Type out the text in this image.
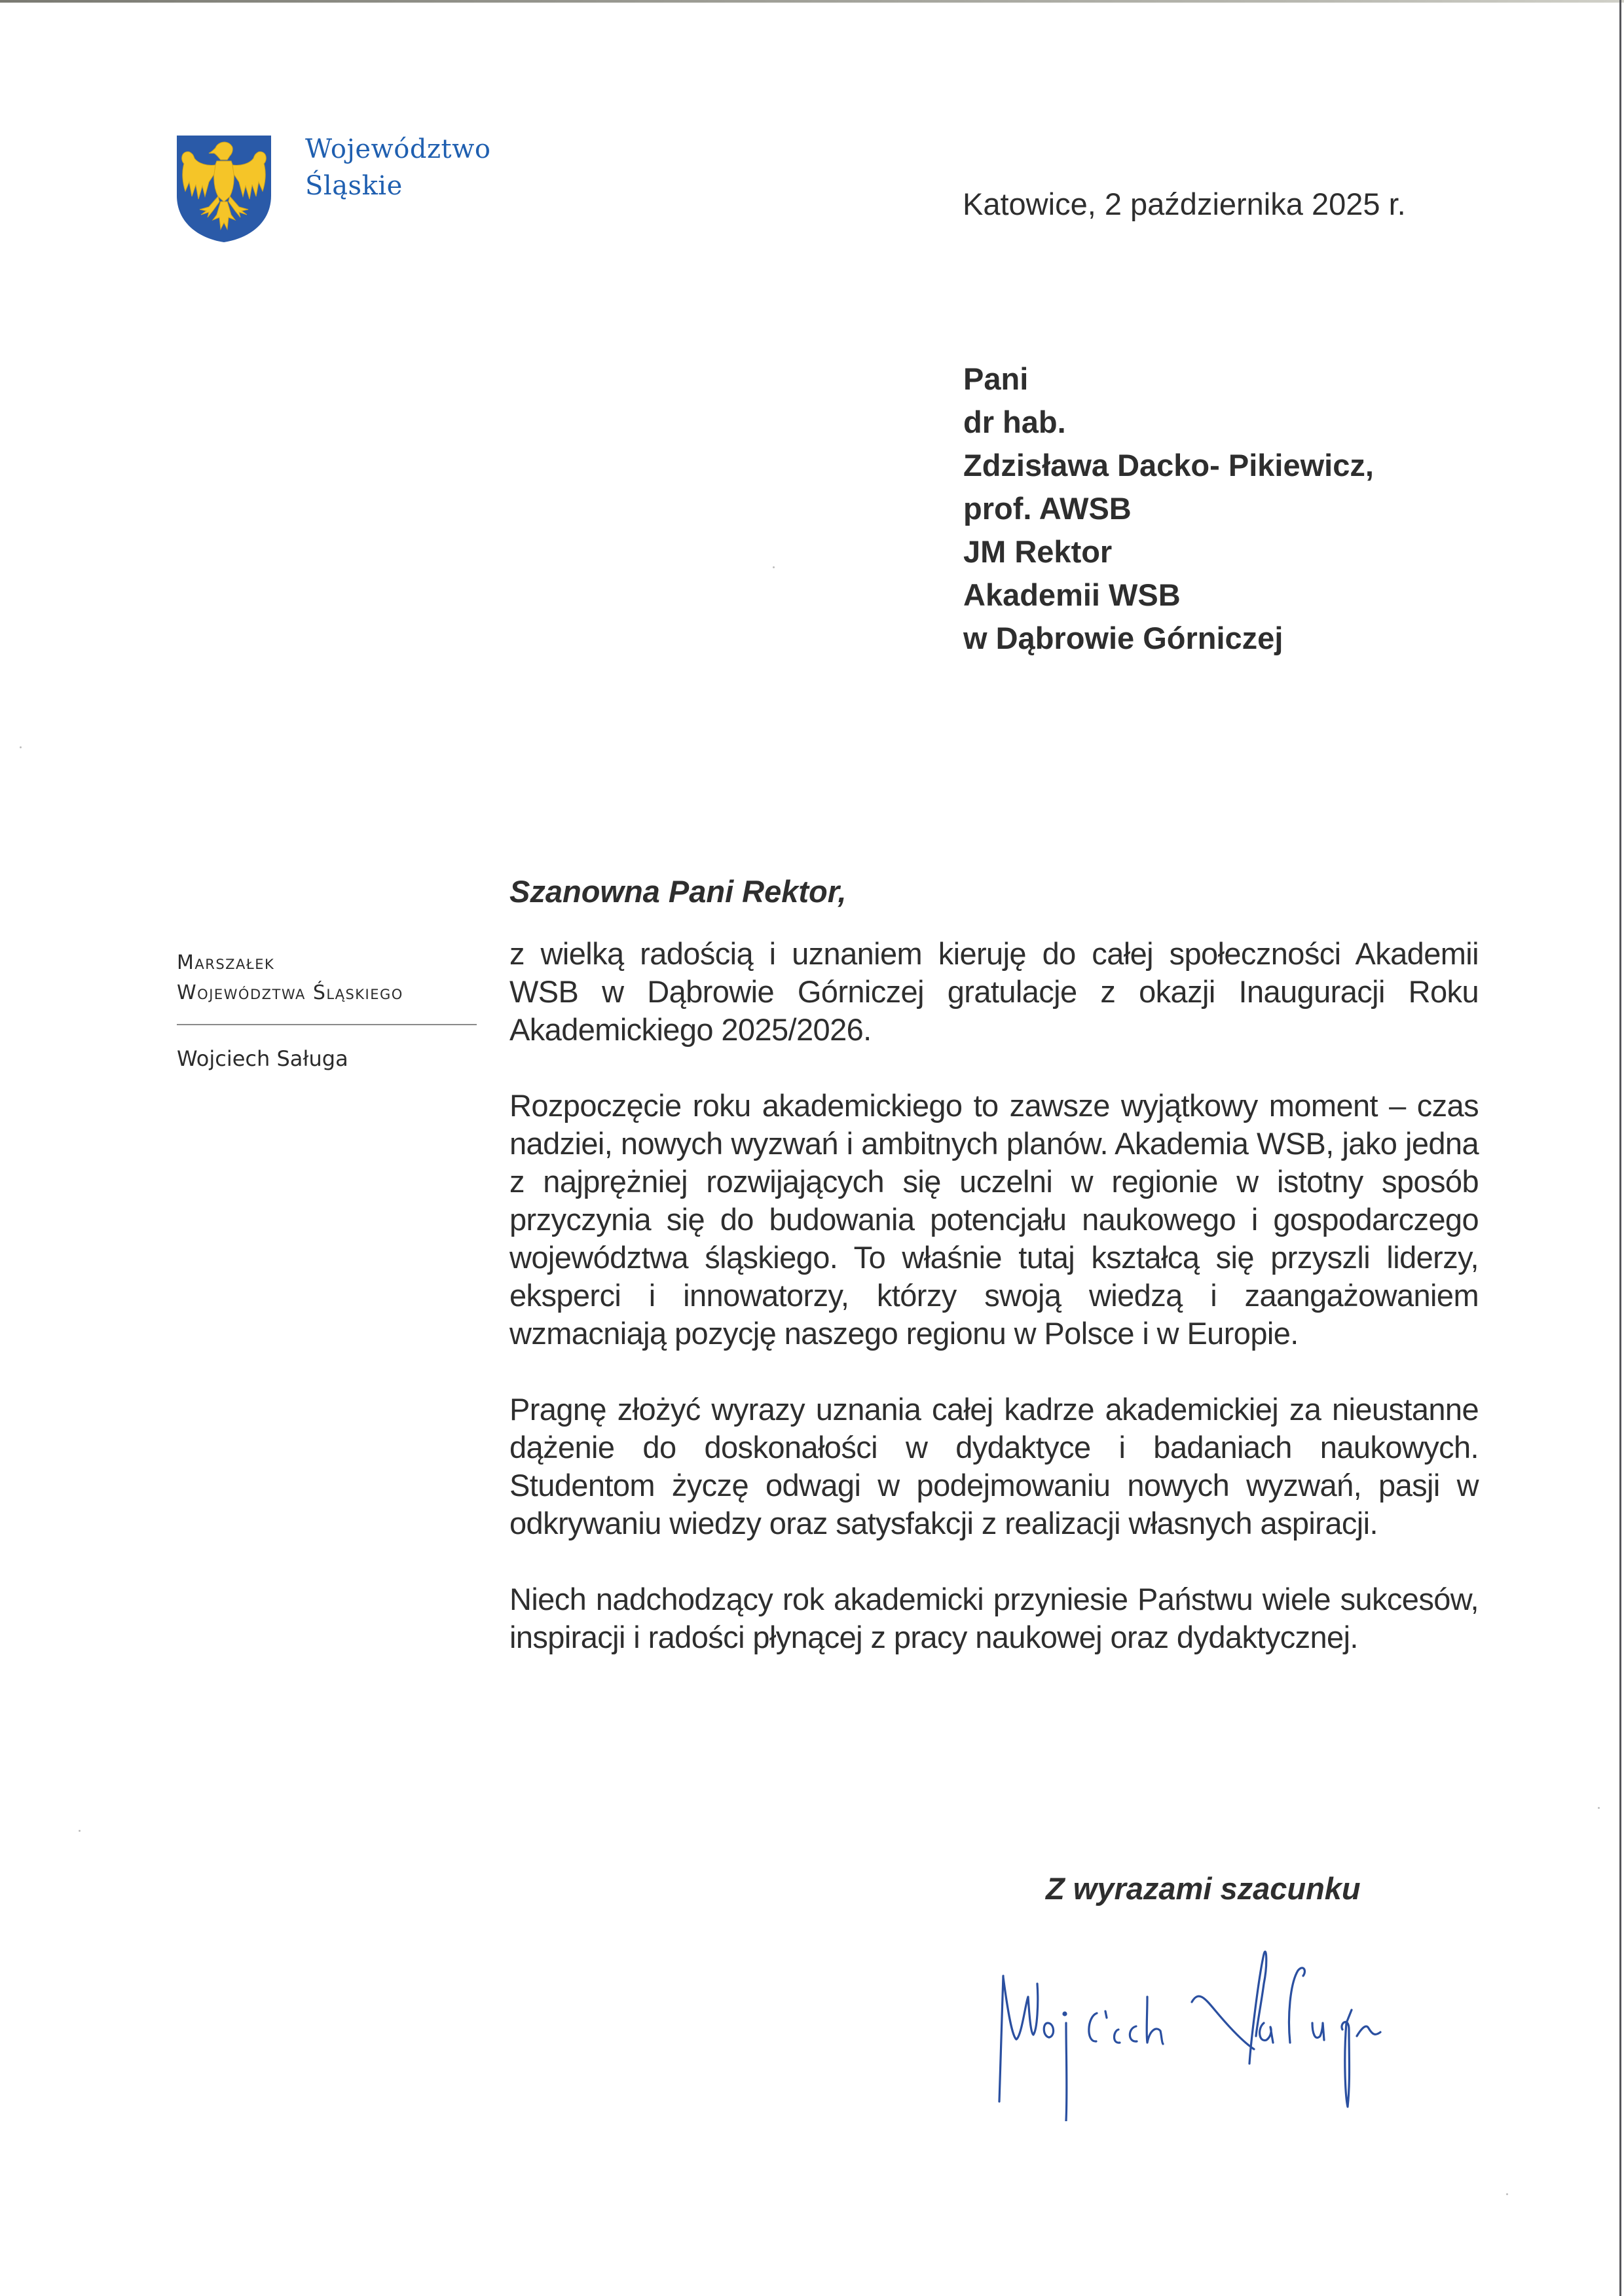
Województwo
Śląskie
Katowice, 2 października 2025 r.
Pani
dr hab.
Zdzisława Dacko- Pikiewicz,
prof. AWSB
JM Rektor
Akademii WSB
w Dąbrowie Górniczej
Szanowna Pani Rektor,
Marszałek
Województwa Śląskiego
Wojciech Saługa

z wielką radością i uznaniem kieruję do całej społeczności Akademii WSB w Dąbrowie Górniczej gratulacje z okazji Inauguracji Roku Akademickiego 2025/2026.

Rozpoczęcie roku akademickiego to zawsze wyjątkowy moment – czas nadziei, nowych wyzwań i ambitnych planów. Akademia WSB, jako jedna z najprężniej rozwijających się uczelni w regionie w istotny sposób przyczynia się do budowania potencjału naukowego i gospodarczego województwa śląskiego. To właśnie tutaj kształcą się przyszli liderzy, eksperci i innowatorzy, którzy swoją wiedzą i zaangażowaniem wzmacniają pozycję naszego regionu w Polsce i w Europie.

Pragnę złożyć wyrazy uznania całej kadrze akademickiej za nieustanne dążenie do doskonałości w dydaktyce i badaniach naukowych. Studentom życzę odwagi w podejmowaniu nowych wyzwań, pasji w odkrywaniu wiedzy oraz satysfakcji z realizacji własnych aspiracji.

Niech nadchodzący rok akademicki przyniesie Państwu wiele sukcesów, inspiracji i radości płynącej z pracy naukowej oraz dydaktycznej.

Z wyrazami szacunku
